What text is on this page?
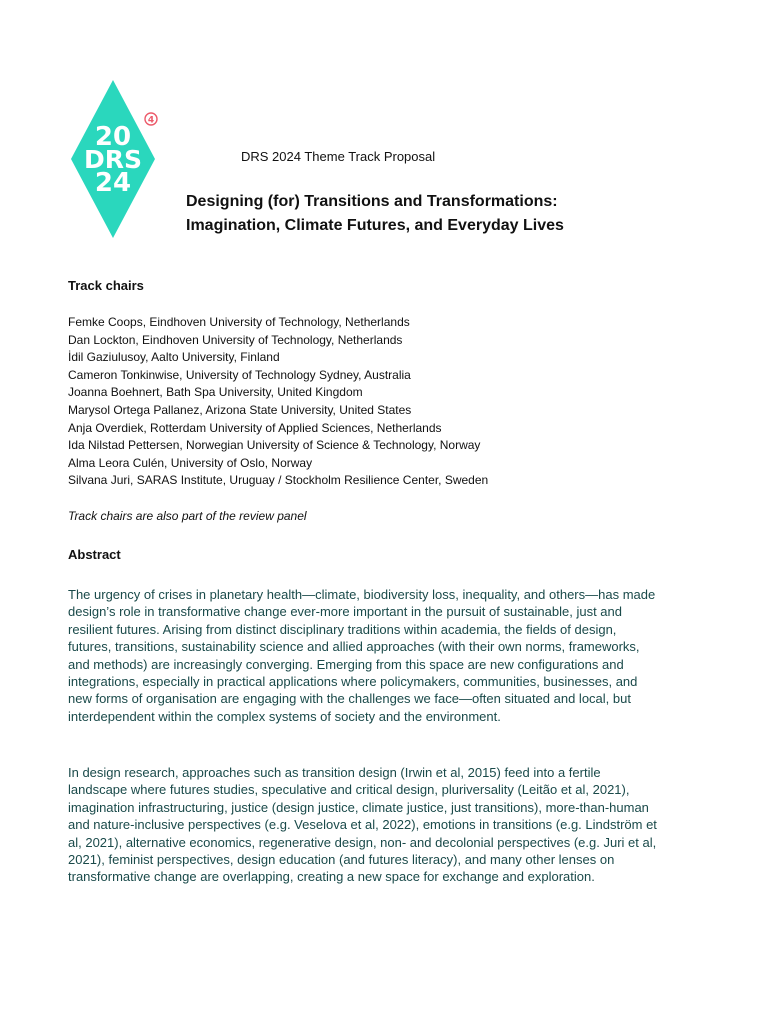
20
DRS
24
4
DRS 2024 Theme Track Proposal
Designing (for) Transitions and Transformations:
Imagination, Climate Futures, and Everyday Lives
Track chairs
Femke Coops, Eindhoven University of Technology, Netherlands
Dan Lockton, Eindhoven University of Technology, Netherlands
İdil Gaziulusoy, Aalto University, Finland
Cameron Tonkinwise, University of Technology Sydney, Australia
Joanna Boehnert, Bath Spa University, United Kingdom
Marysol Ortega Pallanez, Arizona State University, United States
Anja Overdiek, Rotterdam University of Applied Sciences, Netherlands
Ida Nilstad Pettersen, Norwegian University of Science & Technology, Norway
Alma Leora Culén, University of Oslo, Norway
Silvana Juri, SARAS Institute, Uruguay / Stockholm Resilience Center, Sweden
Track chairs are also part of the review panel
Abstract

The urgency of crises in planetary health—climate, biodiversity loss, inequality, and others—has made
design’s role in transformative change ever-more important in the pursuit of sustainable, just and
resilient futures. Arising from distinct disciplinary traditions within academia, the fields of design,
futures, transitions, sustainability science and allied approaches (with their own norms, frameworks,
and methods) are increasingly converging. Emerging from this space are new configurations and
integrations, especially in practical applications where policymakers, communities, businesses, and
new forms of organisation are engaging with the challenges we face—often situated and local, but
interdependent within the complex systems of society and the environment.

In design research, approaches such as transition design (Irwin et al, 2015) feed into a fertile
landscape where futures studies, speculative and critical design, pluriversality (Leitão et al, 2021),
imagination infrastructuring, justice (design justice, climate justice, just transitions), more-than-human
and nature-inclusive perspectives (e.g. Veselova et al, 2022), emotions in transitions (e.g. Lindström et
al, 2021), alternative economics, regenerative design, non- and decolonial perspectives (e.g. Juri et al,
2021), feminist perspectives, design education (and futures literacy), and many other lenses on
transformative change are overlapping, creating a new space for exchange and exploration.
